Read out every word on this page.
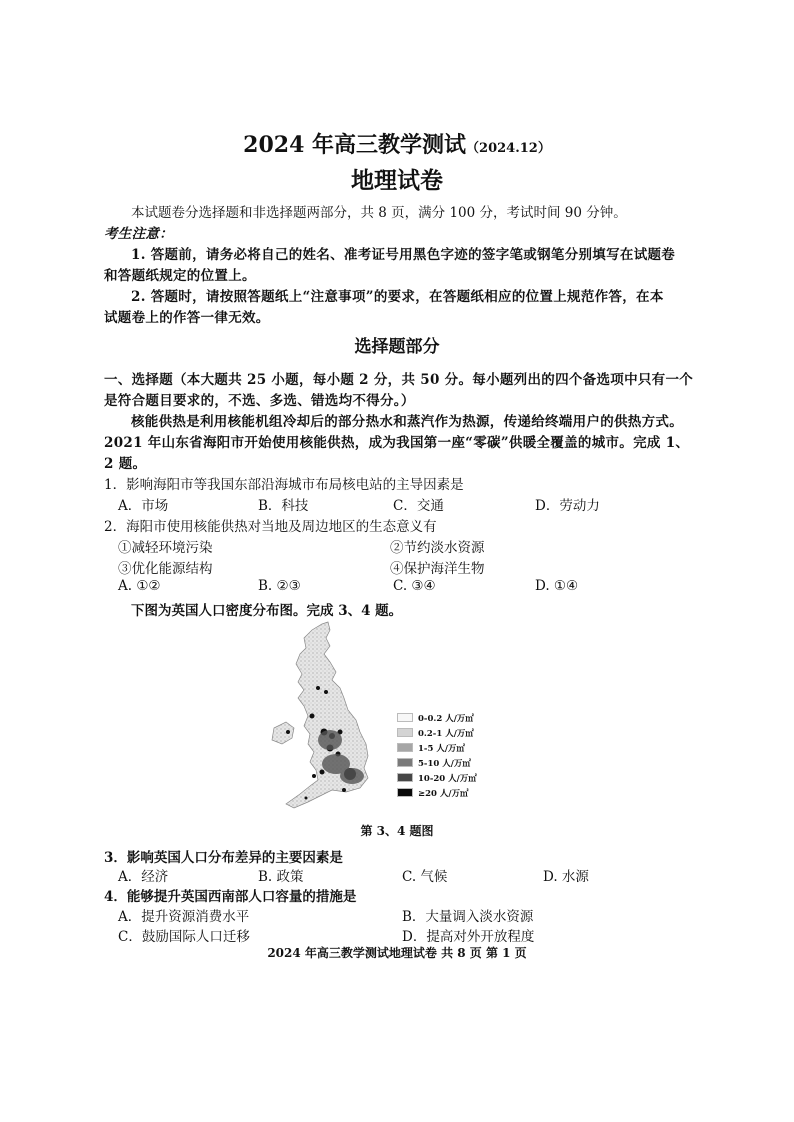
2024 年高三教学测试（2024.12）
地理试卷
本试题卷分选择题和非选择题两部分，共 8 页，满分 100 分，考试时间 90 分钟。
考生注意：
1. 答题前，请务必将自己的姓名、准考证号用黑色字迹的签字笔或钢笔分别填写在试题卷
和答题纸规定的位置上。
2. 答题时，请按照答题纸上“注意事项”的要求，在答题纸相应的位置上规范作答，在本
试题卷上的作答一律无效。
选择题部分
一、选择题（本大题共 25 小题，每小题 2 分，共 50 分。每小题列出的四个备选项中只有一个
是符合题目要求的，不选、多选、错选均不得分。）
核能供热是利用核能机组冷却后的部分热水和蒸汽作为热源，传递给终端用户的供热方式。
2021 年山东省海阳市开始使用核能供热，成为我国第一座“零碳”供暖全覆盖的城市。完成 1、
2 题。
1．影响海阳市等我国东部沿海城市布局核电站的主导因素是
A．市场	B．科技	C．交通	D．劳动力
2．海阳市使用核能供热对当地及周边地区的生态意义有
①减轻环境污染	②节约淡水资源
③优化能源结构	④保护海洋生物
A. ①②	B. ②③	C. ③④	D. ①④
下图为英国人口密度分布图。完成 3、4 题。
0-0.2 人/万㎡
0.2-1 人/万㎡
1-5 人/万㎡
5-10 人/万㎡
10-20 人/万㎡
≥20 人/万㎡
第 3、4 题图
3．影响英国人口分布差异的主要因素是
A．经济	B. 政策	C. 气候	D. 水源
4．能够提升英国西南部人口容量的措施是
A．提升资源消费水平	B．大量调入淡水资源
C．鼓励国际人口迁移	D．提高对外开放程度
2024 年高三教学测试地理试卷 共 8 页 第 1 页
